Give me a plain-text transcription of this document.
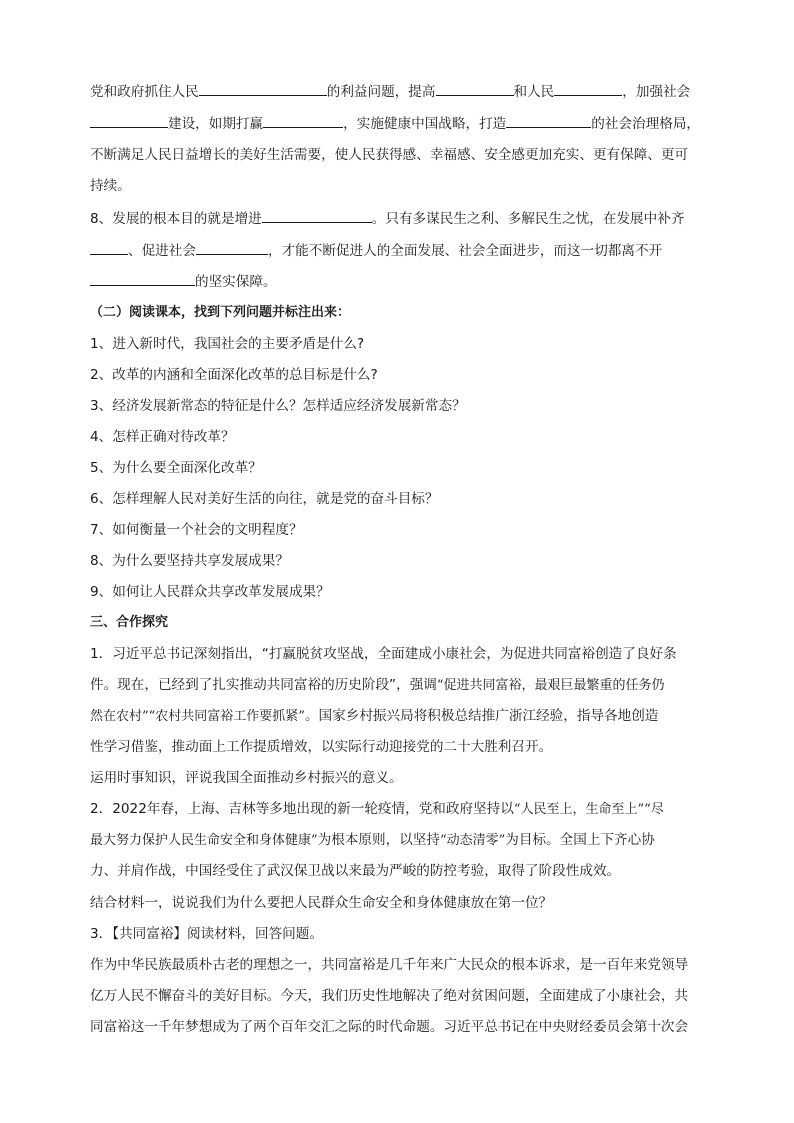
党和政府抓住人民	的利益问题，提高	和人民	，加强社会
建设，如期打赢	，实施健康中国战略，打造	的社会治理格局，
不断满足人民日益增长的美好生活需要，使人民获得感、幸福感、安全感更加充实、更有保障、更可
持续。
8、发展的根本目的就是增进	。只有多谋民生之利、多解民生之忧，在发展中补齐
、促进社会	，才能不断促进人的全面发展、社会全面进步，而这一切都离不开
的坚实保障。
（二）阅读课本，找到下列问题并标注出来：
1、进入新时代，我国社会的主要矛盾是什么?
2、改革的内涵和全面深化改革的总目标是什么?
3、经济发展新常态的特征是什么？怎样适应经济发展新常态？
4、怎样正确对待改革？
5、为什么要全面深化改革？
6、怎样理解人民对美好生活的向往，就是党的奋斗目标？
7、如何衡量一个社会的文明程度？
8、为什么要坚持共享发展成果？
9、如何让人民群众共享改革发展成果？
三、合作探究
1．习近平总书记深刻指出，“打赢脱贫攻坚战，全面建成小康社会，为促进共同富裕创造了良好条
件。现在，已经到了扎实推动共同富裕的历史阶段”，强调“促进共同富裕，最艰巨最繁重的任务仍
然在农村”“农村共同富裕工作要抓紧”。国家乡村振兴局将积极总结推广浙江经验，指导各地创造
性学习借鉴，推动面上工作提质增效，以实际行动迎接党的二十大胜利召开。
运用时事知识，评说我国全面推动乡村振兴的意义。
2．2022年春，上海、吉林等多地出现的新一轮疫情，党和政府坚持以“人民至上，生命至上”“尽
最大努力保护人民生命安全和身体健康”为根本原则，以坚持“动态清零”为目标。全国上下齐心协
力、并肩作战，中国经受住了武汉保卫战以来最为严峻的防控考验，取得了阶段性成效。
结合材料一，说说我们为什么要把人民群众生命安全和身体健康放在第一位？
3．【共同富裕】阅读材料，回答问题。
作为中华民族最质朴古老的理想之一，共同富裕是几千年来广大民众的根本诉求，是一百年来党领导
亿万人民不懈奋斗的美好目标。今天，我们历史性地解决了绝对贫困问题，全面建成了小康社会，共
同富裕这一千年梦想成为了两个百年交汇之际的时代命题。习近平总书记在中央财经委员会第十次会
